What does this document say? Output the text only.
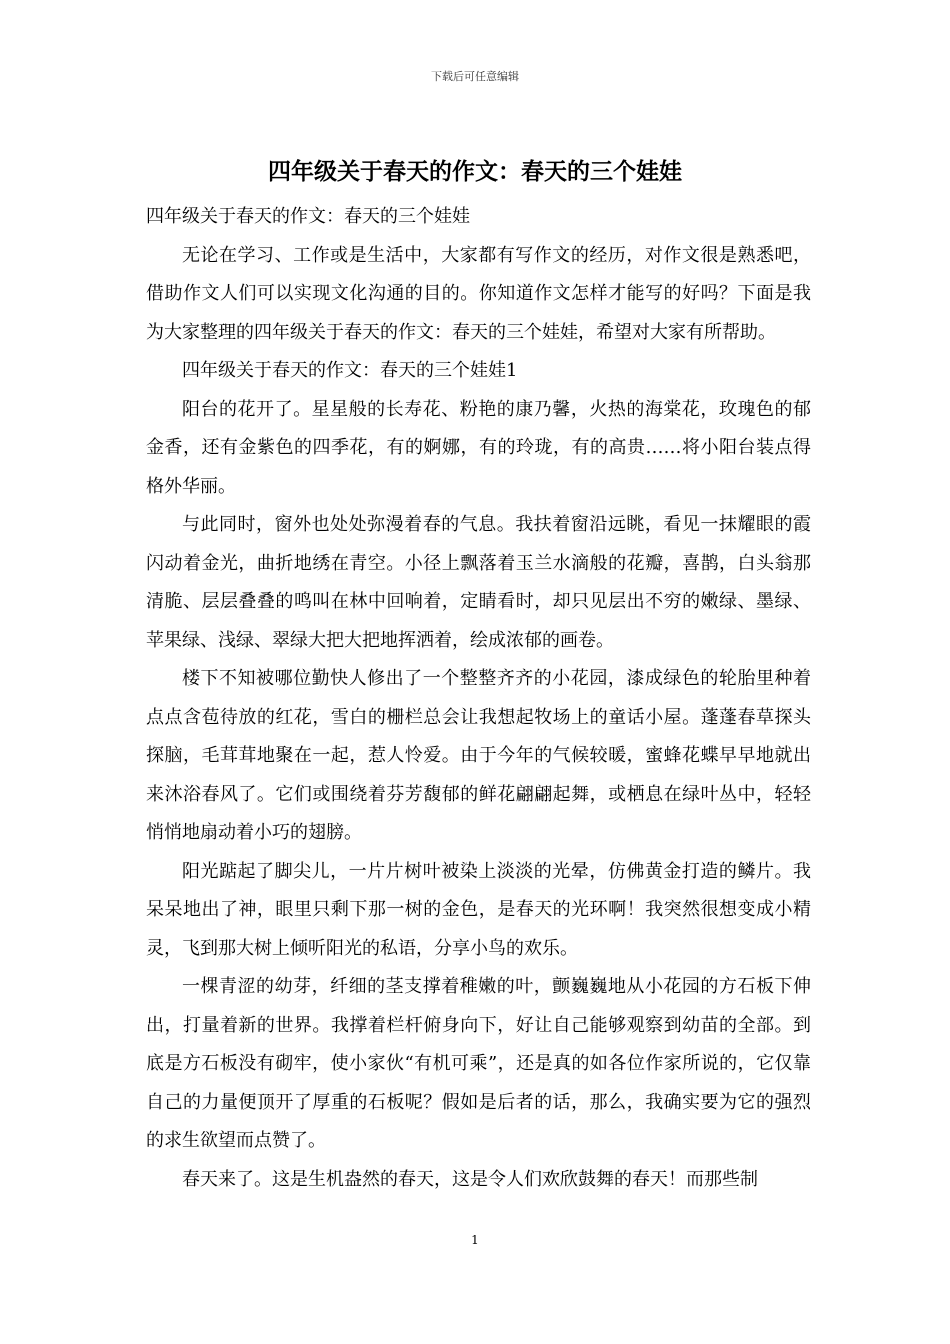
下载后可任意编辑
四年级关于春天的作文：春天的三个娃娃

四年级关于春天的作文：春天的三个娃娃

无论在学习、工作或是生活中，大家都有写作文的经历，对作文很是熟悉吧，借助作文人们可以实现文化沟通的目的。你知道作文怎样才能写的好吗？下面是我为大家整理的四年级关于春天的作文：春天的三个娃娃，希望对大家有所帮助。

四年级关于春天的作文：春天的三个娃娃1

阳台的花开了。星星般的长寿花、粉艳的康乃馨，火热的海棠花，玫瑰色的郁金香，还有金紫色的四季花，有的婀娜，有的玲珑，有的高贵……将小阳台装点得格外华丽。

与此同时，窗外也处处弥漫着春的气息。我扶着窗沿远眺，看见一抹耀眼的霞闪动着金光，曲折地绣在青空。小径上飘落着玉兰水滴般的花瓣，喜鹊，白头翁那清脆、层层叠叠的鸣叫在林中回响着，定睛看时，却只见层出不穷的嫩绿、墨绿、苹果绿、浅绿、翠绿大把大把地挥洒着，绘成浓郁的画卷。

楼下不知被哪位勤快人修出了一个整整齐齐的小花园，漆成绿色的轮胎里种着点点含苞待放的红花，雪白的栅栏总会让我想起牧场上的童话小屋。蓬蓬春草探头探脑，毛茸茸地聚在一起，惹人怜爱。由于今年的气候较暖，蜜蜂花蝶早早地就出来沐浴春风了。它们或围绕着芬芳馥郁的鲜花翩翩起舞，或栖息在绿叶丛中，轻轻悄悄地扇动着小巧的翅膀。

阳光踮起了脚尖儿，一片片树叶被染上淡淡的光晕，仿佛黄金打造的鳞片。我呆呆地出了神，眼里只剩下那一树的金色，是春天的光环啊！我突然很想变成小精灵，飞到那大树上倾听阳光的私语，分享小鸟的欢乐。

一棵青涩的幼芽，纤细的茎支撑着稚嫩的叶，颤巍巍地从小花园的方石板下伸出，打量着新的世界。我撑着栏杆俯身向下，好让自己能够观察到幼苗的全部。到底是方石板没有砌牢，使小家伙“有机可乘”，还是真的如各位作家所说的，它仅靠自己的力量便顶开了厚重的石板呢？假如是后者的话，那么，我确实要为它的强烈的求生欲望而点赞了。

春天来了。这是生机盎然的春天，这是令人们欢欣鼓舞的春天！而那些制

1
